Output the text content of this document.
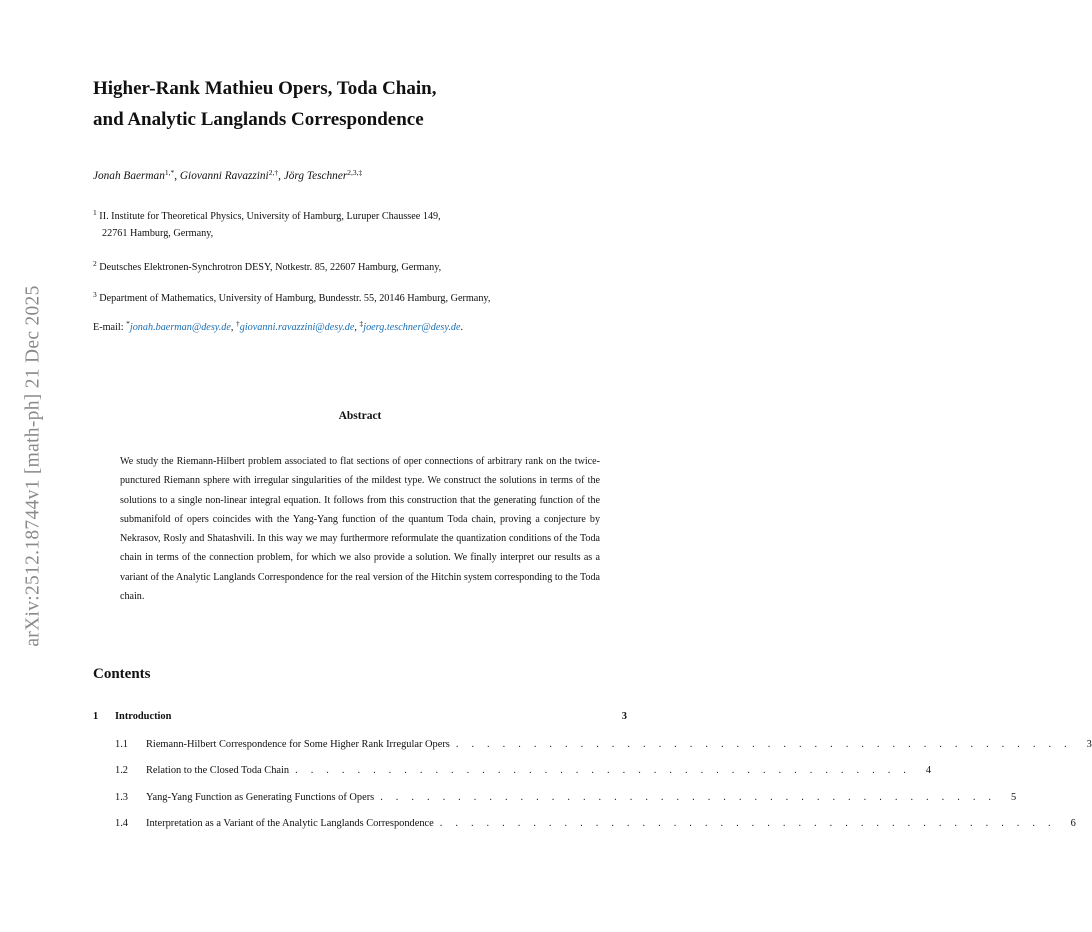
arXiv:2512.18744v1 [math-ph] 21 Dec 2025
Higher-Rank Mathieu Opers, Toda Chain,
and Analytic Langlands Correspondence
Jonah Baerman$^{1,*}$, Giovanni Ravazzini$^{2,\dagger}$, Jörg Teschner$^{2,3,\ddagger}$
$^1$ II. Institute for Theoretical Physics, University of Hamburg, Luruper Chaussee 149,
22761 Hamburg, Germany,
$^2$ Deutsches Elektronen-Synchrotron DESY, Notkestr. 85, 22607 Hamburg, Germany,
$^3$ Department of Mathematics, University of Hamburg, Bundesstr. 55, 20146 Hamburg, Germany,
E-mail: *jonah.baerman@desy.de, †giovanni.ravazzini@desy.de, ‡joerg.teschner@desy.de.
Abstract
We study the Riemann-Hilbert problem associated to flat sections of oper connections of arbitrary rank on the twice-punctured Riemann sphere with irregular singularities of the mildest type. We construct the solutions in terms of the solutions to a single non-linear integral equation. It follows from this construction that the generating function of the submanifold of opers coincides with the Yang-Yang function of the quantum Toda chain, proving a conjecture by Nekrasov, Rosly and Shatashvili. In this way we may furthermore reformulate the quantization conditions of the Toda chain in terms of the connection problem, for which we also provide a solution. We finally interpret our results as a variant of the Analytic Langlands Correspondence for the real version of the Hitchin system corresponding to the Toda chain.
Contents
1	Introduction	3
1.1	Riemann-Hilbert Correspondence for Some Higher Rank Irregular Opers . . . . . . . . . . . . . . . . . . . . . . . . . . . . . . . . . . . . . . . .	3
1.2	Relation to the Closed Toda Chain . . . . . . . . . . . . . . . . . . . . . . . . . . . . . . . . . . . . . . . .	4
1.3	Yang-Yang Function as Generating Functions of Opers . . . . . . . . . . . . . . . . . . . . . . . . . . . . . . . . . . . . . . . .	5
1.4	Interpretation as a Variant of the Analytic Langlands Correspondence . . . . . . . . . . . . . . . . . . . . . . . . . . . . . . . . . . . . . . . .	6
